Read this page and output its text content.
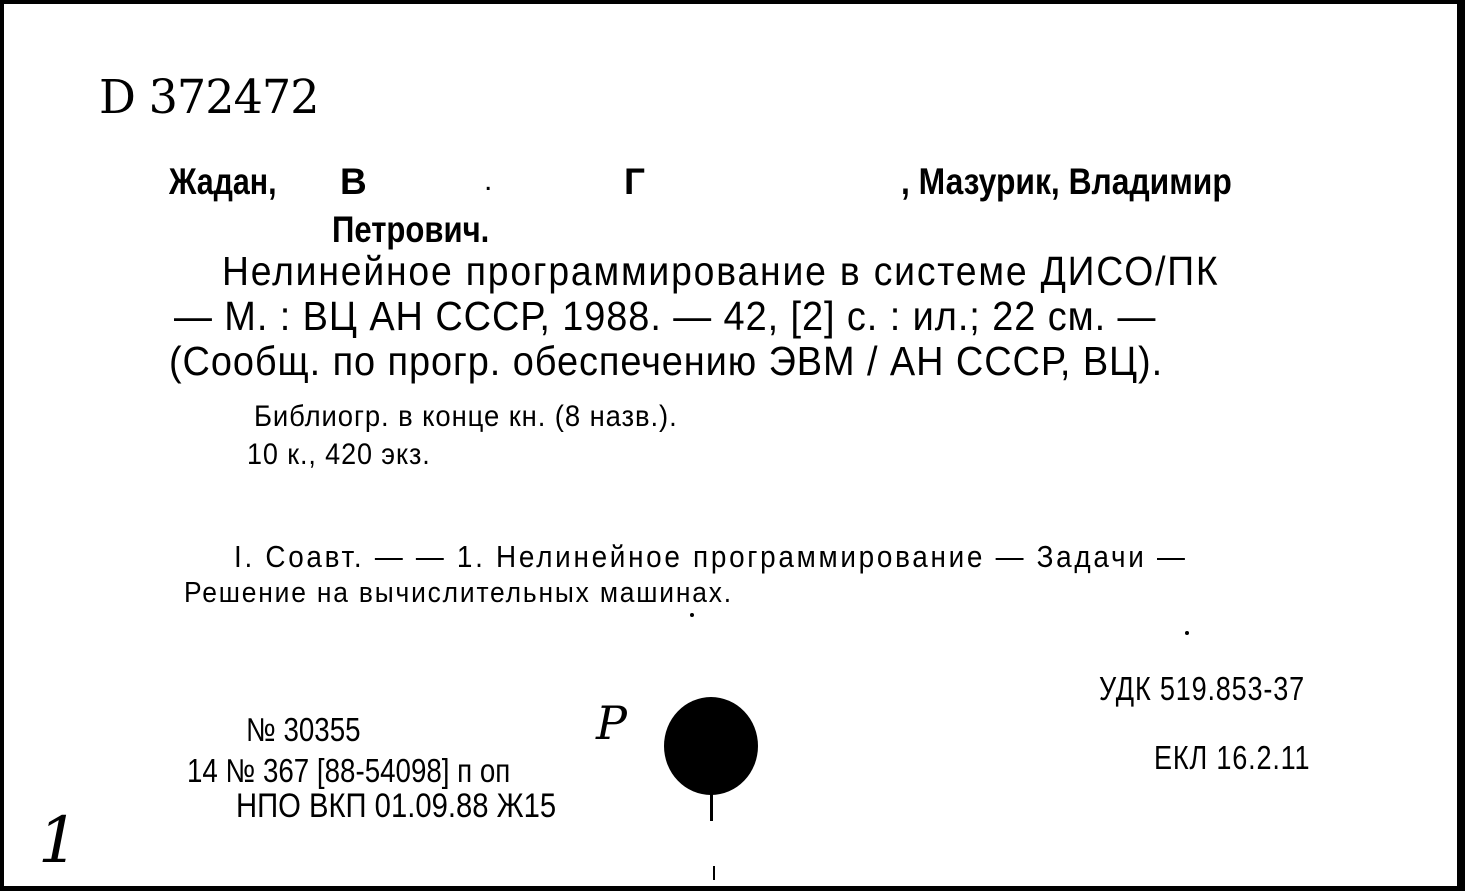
D 372472
Жадан, В	.	Г	, Мазурик, Владимир
Петрович.
Нелинейное программирование в системе ДИСО/ПК
— М. : ВЦ АН СССР, 1988. — 42, [2] с. : ил.; 22 см. —
(Сообщ. по прогр. обеспечению ЭВМ / АН СССР, ВЦ).
Библиогр. в конце кн. (8 назв.).
10 к., 420 экз.
I. Соавт. — — 1. Нелинейное программирование — Задачи —
Решение на вычислительных машинах.
УДК 519.853-37
ЕКЛ 16.2.11
№ 30355	Р
14 № 367 [88-54098] п оп
НПО ВКП 01.09.88 Ж15
1
